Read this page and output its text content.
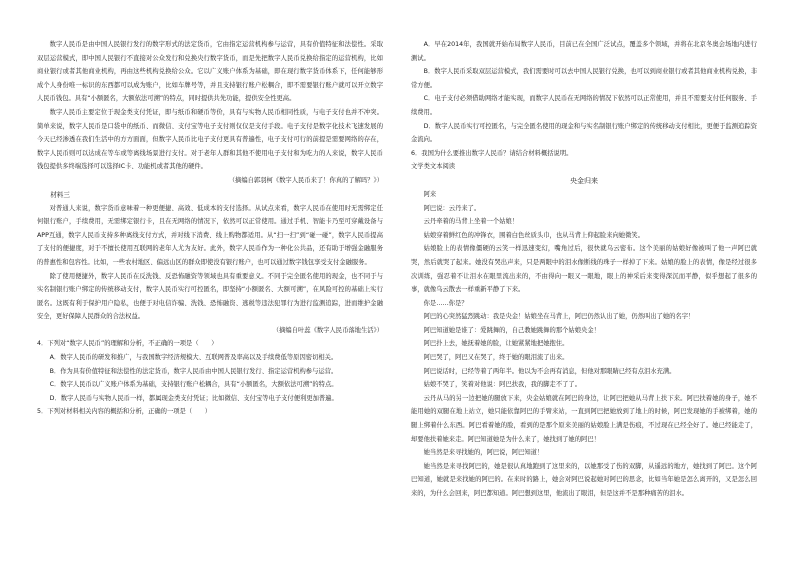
数字人民币是由中国人民银行发行的数字形式的法定货币，它由指定运营机构参与运营，具有价值特征和法偿性。采取双层运营模式，即中国人民银行不直接对公众发行和兑换央行数字货币，而是先把数字人民币兑换给指定的运营机构，比如商业银行或者其他商业机构，再由这些机构兑换给公众。它以广义账户体系为基础，即在现行数字货币体系下，任何能够形成个人身份唯一标识的东西都可以成为账户，比如车牌号等，并且支持银行账户松耦合，即不需要银行账户就可以开立数字人民币钱包。具有“小额匿名，大额依法可溯”的特点，同时提供共先功能，提供安全性更高。

数字人民币主要定位于现金类支付凭证，即与纸币和硬币等价，具有与实物人民币相同性质，与电子支付也并不冲突。简单来说，数字人民币是口袋中的纸币、而微信、支付宝等电子支付则仅仅是支付手段。电子支付是数字化技术飞速发展的今天已经渗透在我们生活中的方方面面，但数字人民币比电子支付更具有普遍性，电子支付可行的前提是需要网络的存在，数字人民币则可以达成在等车或等离线场景进行支付。对于老年人群和其他不使用电子支付和为吃力的人来说，数字人民币钱包提供多终端选择可以选择IC卡、功能机或者其他的硬件。

（摘编自郭羽柯《数字人民币来了！你真的了解吗？》）

材料三

对普通人来说，数字货币意味着一种更便捷、高效、低成本的支付选择。从试点来看，数字人民币在使用时无需绑定任何银行账户，手续费用，无需绑定银行卡，且在无网络的情况下，依然可以正常使用。通过手机、智能卡乃至可穿戴设备与APP互通，数字人民币支持多种离线支付方式，并对线下消费、线上购物都适用。从“扫一扫”到“碰一碰”，数字人民币提高了支付的便捷度，对于不擅长使用互联网的老年人尤为友好。此外，数字人民币作为一种化公共品，还有助于增强金融服务的普惠性和包容性。比如，一些农村地区、偏远山区的群众即使没有银行账户，也可以通过数字钱包享受支付金融服务。

除了使用便捷外，数字人民币在反洗钱、反恐怖融资等领域也具有重要意义。不同于完全匿名使用的现金，也不同于与实名制银行账户绑定的传统移动支付，数字人民币实行可控匿名，即坚持“小额匿名、大额可溯”，在风险可控的基础上实行匿名。这既有利于保护用户隐私，也便于对电信诈骗、洗钱、恐怖融资、逃税等违法犯罪行为进行监测追踪，进而维护金融安全，更好保障人民群众的合法权益。

（摘编自叶蕊《数字人民币落地生活》）

4．下列对“数字人民币”的理解和分析，不正确的一项是（　　）

A．数字人民币的研发和推广，与我国数字经济规模大、互联网普及率高以及手续费低等原因密切相关。

B．作为具有价值特征和法偿性的法定货币，数字人民币由中国人民银行发行、指定运营机构参与运营。

C．数字人民币以广义账户体系为基础，支持银行账户松耦合，具有“小额匿名，大额依法可溯”的特点。

D．数字人民币与实物人民币一样，都属现金类支付凭证；比如微信、支付宝等电子支付便利更加普遍。

5．下列对材料相关内容的概括和分析，正确的一项是（　　）

A．早在2014年，我国就开始布局数字人民币，目前已在全国广泛试点，覆盖多个领域，并将在北京冬奥会场地内进行测试。

B．数字人民币采取双层运营模式，我们需要时可以去中国人民银行兑换，也可以到商业银行或者其他商业机构兑换，非常方便。

C．电子支付必须借助网络才能实现，而数字人民币在无网络的情况下依然可以正常使用，并且不需要支付任何服务、手续费用。

D．数字人民币实行可控匿名，与完全匿名使用的现金和与实名制银行账户绑定的传统移动支付相比，更便于监测追踪资金流向。

6．我国为什么要推出数字人民币？请结合材料概括说明。

文学类文本阅读

央金归来

阿来

阿巴说：云丹来了。

云丹牵着的马背上坐着一个姑娘！

姑娘穿着鲜红色的冲锋衣，围着白色丝质头巾，也从马背上仰起脸来向她微笑。

姑娘脸上的表情像僵硬的云笑一样迅速变幻，嘴角过后，很快就乌云密布。这个美丽的姑娘好像被叫了他一声阿巴就哭，然后就哭了起来。她没有哭出声来，只是两眼中的泪水像断线的珠子一样掉了下来。姑娘的脸上的表情，像是经过很多次训练，强忍着不让泪水在眼里流出来的，不由得向一眼又一眼地，眼上的神采后来变得深沉而平静，似乎想起了很多的事，就像乌云散去一样重新平静了下来。

你是……你是？

阿巴的心突然猛烈跳动：我是央金！姑娘坐在马背上，阿巴仍然认出了她，仍然叫出了她的名字！

阿巴知道她是谁了：爱跳舞的，自己教她跳舞的那个姑娘央金！

阿巴扑上去，她抚着她的脸，让她紧紧地把她抱住。

阿巴哭了，阿巴又在哭了，终于她的眼泪流了出来。

阿巴说话时，已经等着了两年半。他以为不会再有消息，但他对那眼睛已经有点泪水充满。

姑娘不哭了，笑着对他说：阿巴扶我，我的脚走不了了。

云丹从马的另一边把她的腿放下来，央金姑娘就在阿巴的身边，让阿巴把她从马背上扶下来。阿巴扶着她的身子，她不能用她的双腿在地上站立，她只能依靠阿巴的手臂来站，一直到阿巴把她放到了地上的时候，阿巴发现她的手被绑着，她的腿上绑着什么东西。阿巴看着她的脸，看到的是那个原来美丽的姑娘脸上满是伤痕，不过现在已经全好了。她已经能走了，却要他扶着她来走。阿巴知道她是为什么来了，她找到了她的阿巴！

她当然是来寻找她的，阿巴说，阿巴知道！

她当然是来寻找阿巴的，她是很认真地跑到了这里来的，以她那受了伤的双脚，从遥远的地方，她找到了阿巴。这个阿巴知道，她就是来找她的阿巴的。在来时的路上，她会对阿巴说起她对阿巴的思念，比如当年她是怎么离开的，又是怎么回来的，为什么会回来，阿巴都知道。阿巴想到这里，他流出了眼泪，但是这并不是那种痛苦的泪水。
